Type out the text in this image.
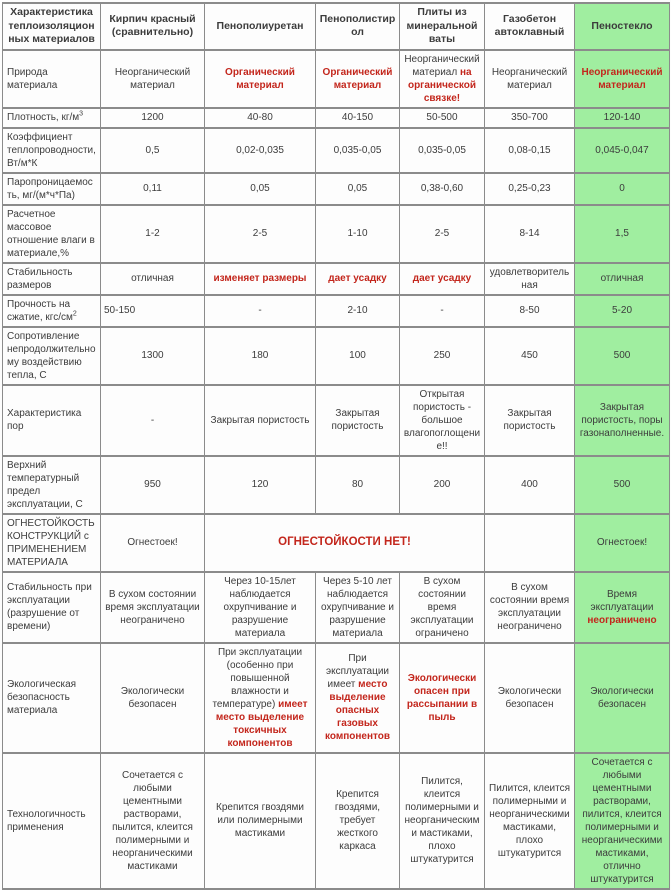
Характеристика теплоизоляционных материалов	Кирпич красный (сравнительно)	Пенополиуретан	Пенополистирол	Плиты из минеральной ваты	Газобетон автоклавный	Пеностекло
Природа материала	Неорганический материал	Органический материал	Органический материал	Неорганический материал на органической связке!	Неорганический материал	Неорганический материал
Плотность, $кг/м^3$	1200	40-80	40-150	50-500	350-700	120-140
Коэффициент теплопроводности, Вт/м*К	0,5	0,02-0,035	0,035-0,05	0,035-0,05	0,08-0,15	0,045-0,047
Паропроницаемость, мг/(м*ч*Па)	0,11	0,05	0,05	0,38-0,60	0,25-0,23	0
Расчетное массовое отношение влаги в материале,%	1-2	2-5	1-10	2-5	8-14	1,5
Стабильность размеров	отличная	изменяет размеры	дает усадку	дает усадку	удовлетворительная	отличная
Прочность на сжатие, кгс/$см^2$	50-150	-	2-10	-	8-50	5-20
Сопротивление непродолжительному воздействию тепла, С	1300	180	100	250	450	500
Характеристика пор	-	Закрытая пористость	Закрытая пористость	Открытая пористость - большое влагопоглощение!!	Закрытая пористость	Закрытая пористость, поры газонаполненные.
Верхний температурный предел эксплуатации, С	950	120	80	200	400	500
ОГНЕСТОЙКОСТЬ КОНСТРУКЦИЙ с ПРИМЕНЕНИЕМ МАТЕРИАЛА	Огнестоек!	ОГНЕСТОЙКОСТИ НЕТ!				Огнестоек!
Стабильность при эксплуатации (разрушение от времени)	В сухом состоянии время эксплуатации неограничено	Через 10-15лет наблюдается охрупчивание и разрушение материала	Через 5-10 лет наблюдается охрупчивание и разрушение материала	В сухом состоянии время эксплуатации ограничено	В сухом состоянии время эксплуатации неограничено	Время эксплуатации неограничено
Экологическая безопасность материала	Экологически безопасен	При эксплуатации (особенно при повышенной влажности и температуре) имеет место выделение токсичных компонентов	При эксплуатации имеет место выделение опасных газовых компонентов	Экологически опасен при рассыпании в пыль	Экологически безопасен	Экологически безопасен
Технологичность применения	Сочетается с любыми цементными растворами, пылится, клеится полимерными и неорганическими мастиками	Крепится гвоздями или полимерными мастиками	Крепится гвоздями, требует жесткого каркаса	Пилится, клеится полимерными и неорганическими мастиками, плохо штукатурится	Пилится, клеится полимерными и неорганическими мастиками, плохо штукатурится	Сочетается с любыми цементными растворами, пилится, клеится полимерными и неорганическими мастиками, отлично штукатурится
